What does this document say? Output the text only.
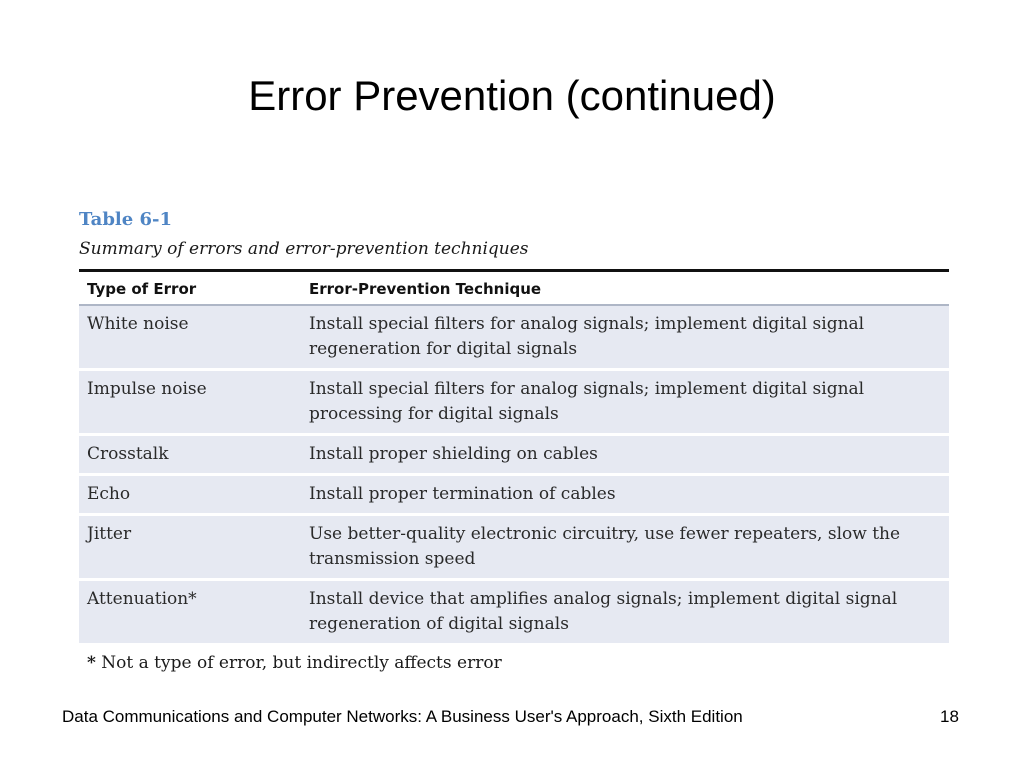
Error Prevention (continued)
Table 6-1
Summary of errors and error-prevention techniques
Type of Error	Error-Prevention Technique
White noise	Install special filters for analog signals; implement digital signal regeneration for digital signals
Impulse noise	Install special filters for analog signals; implement digital signal processing for digital signals
Crosstalk	Install proper shielding on cables
Echo	Install proper termination of cables
Jitter	Use better-quality electronic circuitry, use fewer repeaters, slow the transmission speed
Attenuation*	Install device that amplifies analog signals; implement digital signal regeneration of digital signals
* Not a type of error, but indirectly affects error
Data Communications and Computer Networks: A Business User's Approach, Sixth Edition	18
